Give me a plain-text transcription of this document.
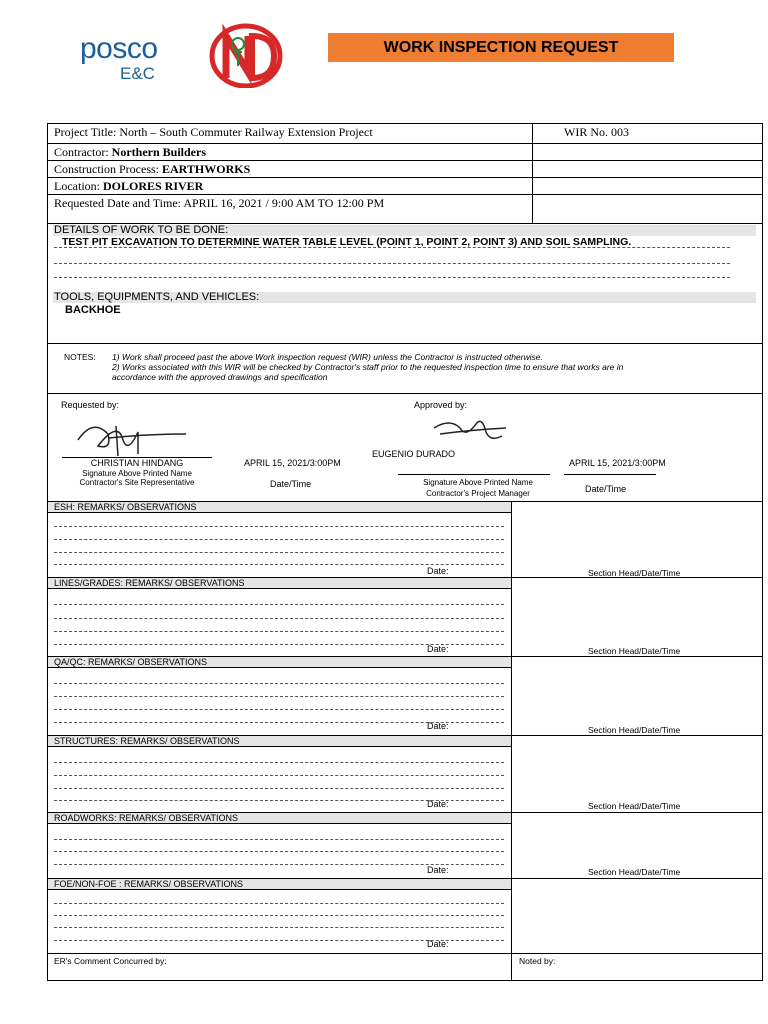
posco
E&C
WORK INSPECTION REQUEST
Project Title: North – South Commuter Railway Extension Project	WIR No. 003
Contractor: Northern Builders
Construction Process: EARTHWORKS
Location: DOLORES RIVER
Requested Date and Time: APRIL 16, 2021 / 9:00 AM TO 12:00 PM
DETAILS OF WORK TO BE DONE:
TEST PIT EXCAVATION TO DETERMINE WATER TABLE LEVEL (POINT 1, POINT 2, POINT 3) AND SOIL SAMPLING.
TOOLS, EQUIPMENTS, AND VEHICLES:
BACKHOE
NOTES: 1) Work shall proceed past the above Work inspection request (WIR) unless the Contractor is instructed otherwise.
2) Works associated with this WIR will be checked by Contractor's staff prior to the requested inspection time to ensure that works are in
accordance with the approved drawings and specification
Requested by:
CHRISTIAN HINDANG
Signature Above Printed Name
Contractor's Site Representative
APRIL 15, 2021/3:00PM
Date/Time
Approved by:
EUGENIO DURADO
Signature Above Printed Name
Contractor's Project Manager
APRIL 15, 2021/3:00PM
Date/Time
ESH: REMARKS/ OBSERVATIONS
Date:	Section Head/Date/Time
LINES/GRADES: REMARKS/ OBSERVATIONS
Date:	Section Head/Date/Time
QA/QC: REMARKS/ OBSERVATIONS
Date:	Section Head/Date/Time
STRUCTURES: REMARKS/ OBSERVATIONS
Date:	Section Head/Date/Time
ROADWORKS: REMARKS/ OBSERVATIONS
Date:	Section Head/Date/Time
FOE/NON-FOE : REMARKS/ OBSERVATIONS
Date:
ER's Comment Concurred by:	Noted by:
